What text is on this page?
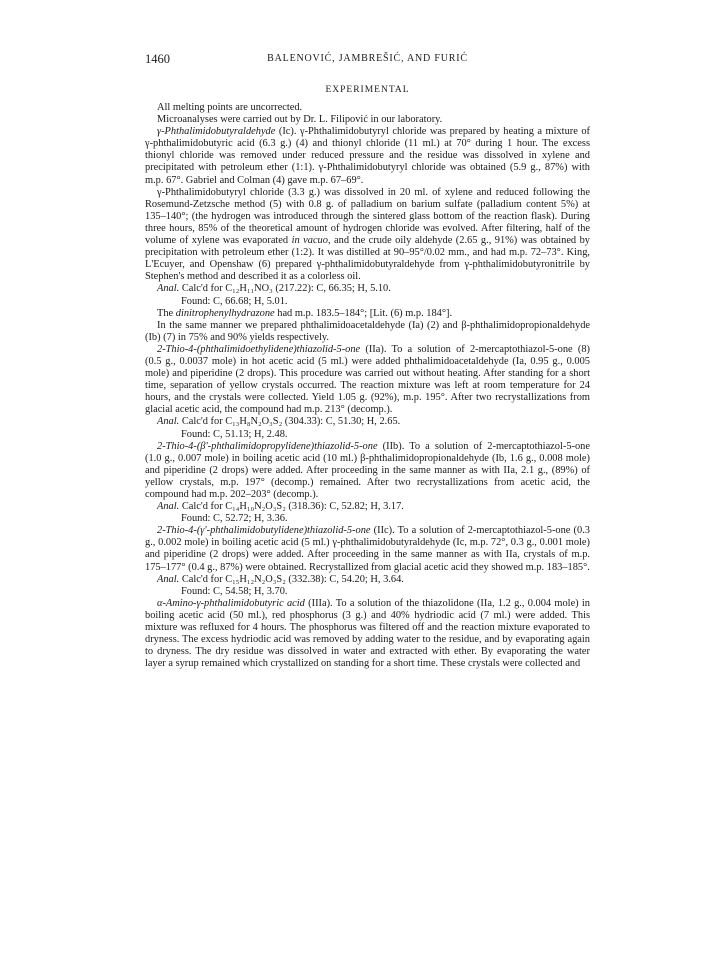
1460	BALENOVIĆ, JAMBREŠIĆ, AND FURIĆ
EXPERIMENTAL

All melting points are uncorrected.

Microanalyses were carried out by Dr. L. Filipović in our laboratory.

γ-Phthalimidobutyraldehyde (Ic). γ-Phthalimidobutyryl chloride was prepared by heating a mixture of γ-phthalimidobutyric acid (6.3 g.) (4) and thionyl chloride (11 ml.) at 70° during 1 hour. The excess thionyl chloride was removed under reduced pressure and the residue was dissolved in xylene and precipitated with petroleum ether (1:1). γ-Phthalimidobutyryl chloride was obtained (5.9 g., 87%) with m.p. 67°. Gabriel and Colman (4) gave m.p. 67–69°.

γ-Phthalimidobutyryl chloride (3.3 g.) was dissolved in 20 ml. of xylene and reduced following the Rosemund-Zetzsche method (5) with 0.8 g. of palladium on barium sulfate (palladium content 5%) at 135–140°; (the hydrogen was introduced through the sintered glass bottom of the reaction flask). During three hours, 85% of the theoretical amount of hydrogen chloride was evolved. After filtering, half of the volume of xylene was evaporated in vacuo, and the crude oily aldehyde (2.65 g., 91%) was obtained by precipitation with petroleum ether (1:2). It was distilled at 90–95°/0.02 mm., and had m.p. 72–73°. King, L'Ecuyer, and Openshaw (6) prepared γ-phthalimidobutyraldehyde from γ-phthalimidobutyronitrile by Stephen's method and described it as a colorless oil.

Anal. Calc'd for C₁₂H₁₁NO₃ (217.22): C, 66.35; H, 5.10.

Found: C, 66.68; H, 5.01.

The dinitrophenylhydrazone had m.p. 183.5–184°; [Lit. (6) m.p. 184°].

In the same manner we prepared phthalimidoacetaldehyde (Ia) (2) and β-phthalimidopropionaldehyde (Ib) (7) in 75% and 90% yields respectively.

2-Thio-4-(phthalimidoethylidene)thiazolid-5-one (IIa). To a solution of 2-mercaptothiazol-5-one (8) (0.5 g., 0.0037 mole) in hot acetic acid (5 ml.) were added phthalimidoacetaldehyde (Ia, 0.95 g., 0.005 mole) and piperidine (2 drops). This procedure was carried out without heating. After standing for a short time, separation of yellow crystals occurred. The reaction mixture was left at room temperature for 24 hours, and the crystals were collected. Yield 1.05 g. (92%), m.p. 195°. After two recrystallizations from glacial acetic acid, the compound had m.p. 213° (decomp.).

Anal. Calc'd for C₁₃H₈N₂O₃S₂ (304.33): C, 51.30; H, 2.65.

Found: C, 51.13; H, 2.48.

2-Thio-4-(β'-phthalimidopropylidene)thiazolid-5-one (IIb). To a solution of 2-mercaptothiazol-5-one (1.0 g., 0.007 mole) in boiling acetic acid (10 ml.) β-phthalimidopropionaldehyde (Ib, 1.6 g., 0.008 mole) and piperidine (2 drops) were added. After proceeding in the same manner as with IIa, 2.1 g., (89%) of yellow crystals, m.p. 197° (decomp.) remained. After two recrystallizations from acetic acid, the compound had m.p. 202–203° (decomp.).

Anal. Calc'd for C₁₄H₁₀N₂O₃S₂ (318.36): C, 52.82; H, 3.17.

Found: C, 52.72; H, 3.36.

2-Thio-4-(γ'-phthalimidobutylidene)thiazolid-5-one (IIc). To a solution of 2-mercaptothiazol-5-one (0.3 g., 0.002 mole) in boiling acetic acid (5 ml.) γ-phthalimidobutyraldehyde (Ic, m.p. 72°, 0.3 g., 0.001 mole) and piperidine (2 drops) were added. After proceeding in the same manner as with IIa, crystals of m.p. 175–177° (0.4 g., 87%) were obtained. Recrystallized from glacial acetic acid they showed m.p. 183–185°.

Anal. Calc'd for C₁₅H₁₂N₂O₃S₂ (332.38): C, 54.20; H, 3.64.

Found: C, 54.58; H, 3.70.

α-Amino-γ-phthalimidobutyric acid (IIIa). To a solution of the thiazolidone (IIa, 1.2 g., 0.004 mole) in boiling acetic acid (50 ml.), red phosphorus (3 g.) and 40% hydriodic acid (7 ml.) were added. This mixture was refluxed for 4 hours. The phosphorus was filtered off and the reaction mixture evaporated to dryness. The excess hydriodic acid was removed by adding water to the residue, and by evaporating again to dryness. The dry residue was dissolved in water and extracted with ether. By evaporating the water layer a syrup remained which crystallized on standing for a short time. These crystals were collected and
